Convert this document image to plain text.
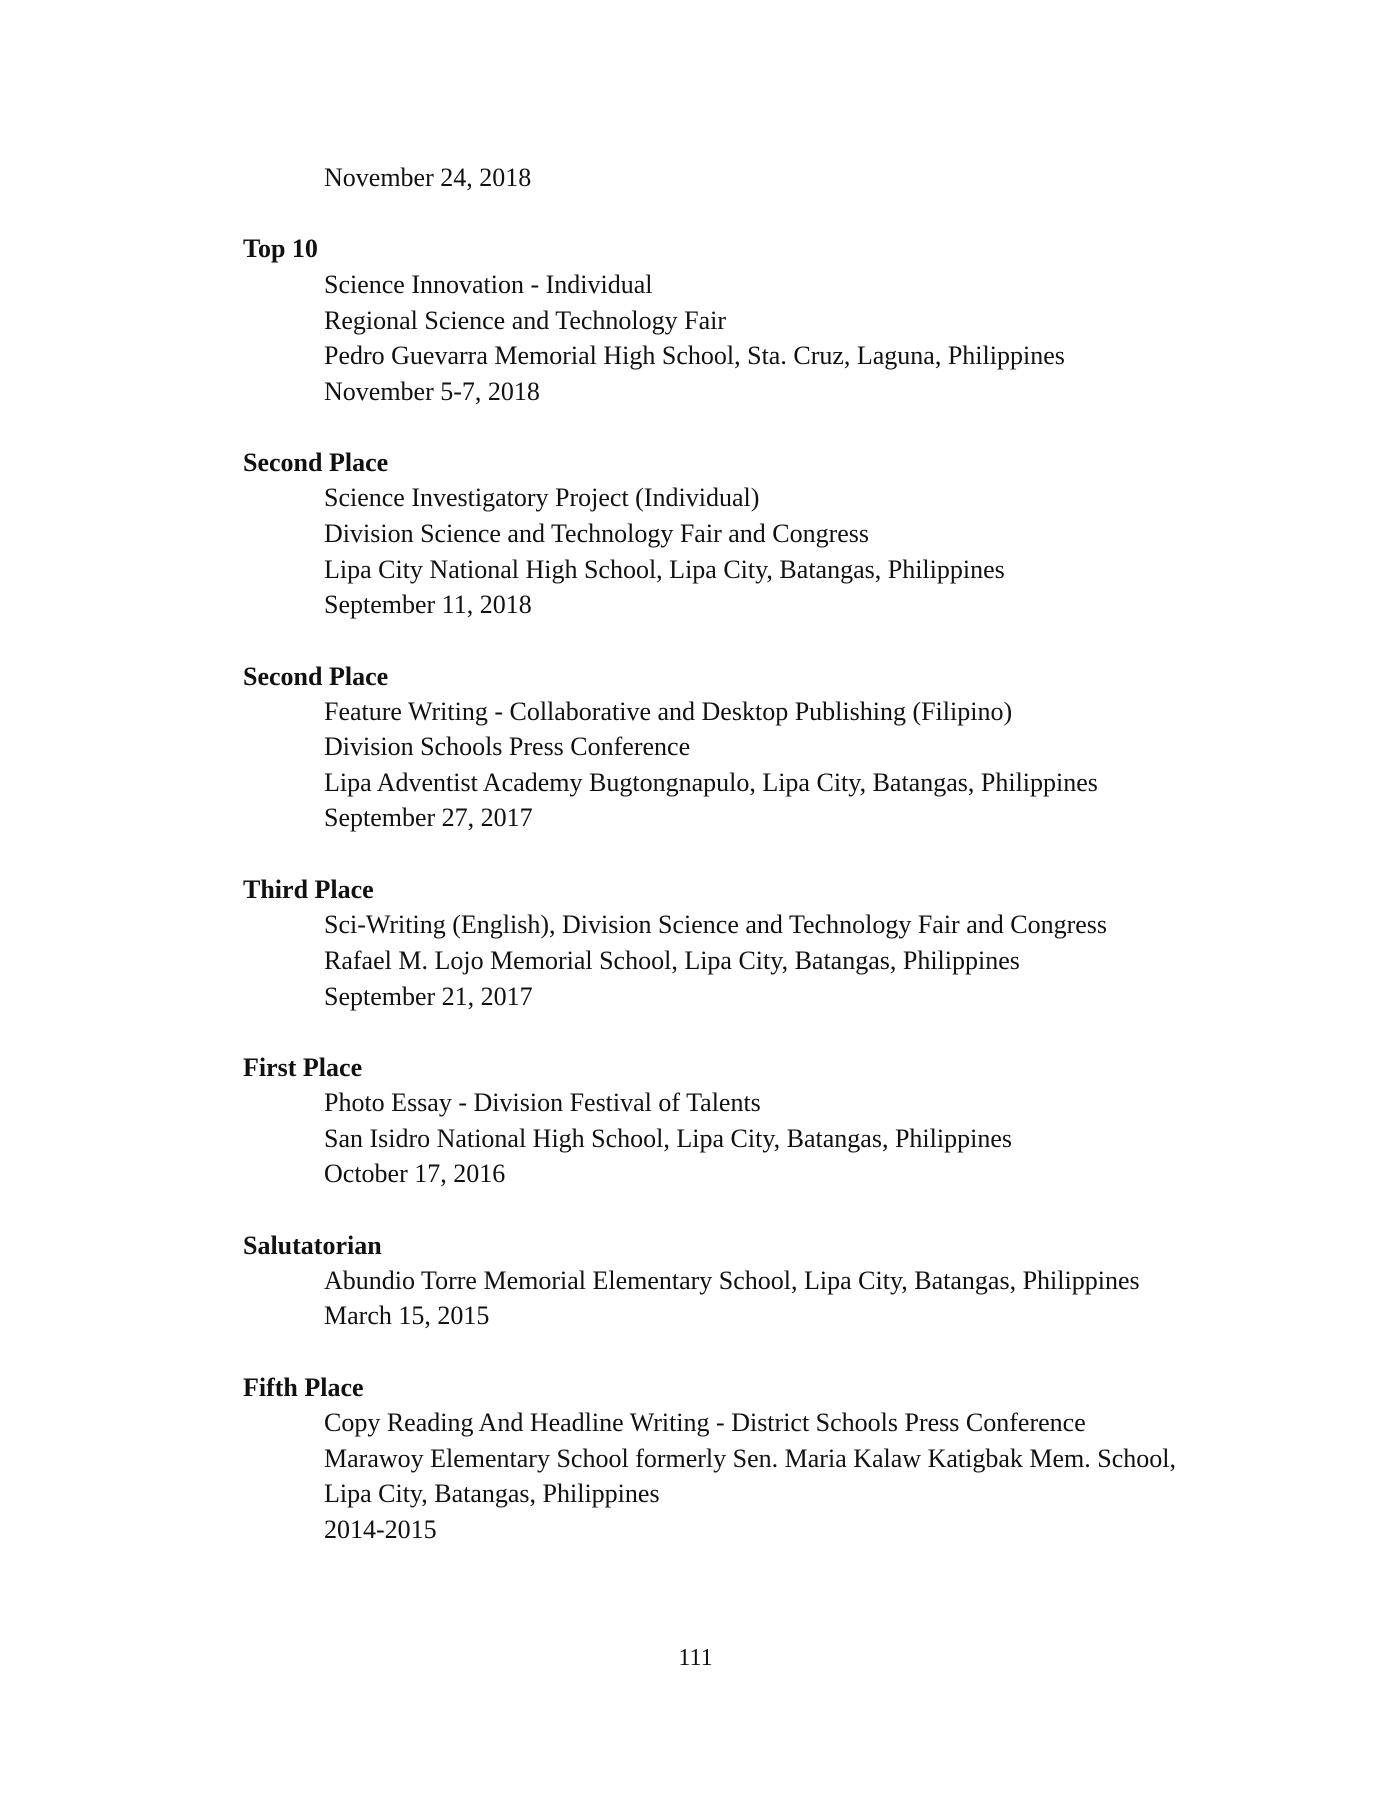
November 24, 2018
Top 10
Science Innovation - Individual
Regional Science and Technology Fair
Pedro Guevarra Memorial High School, Sta. Cruz, Laguna, Philippines
November 5-7, 2018
Second Place
Science Investigatory Project (Individual)
Division Science and Technology Fair and Congress
Lipa City National High School, Lipa City, Batangas, Philippines
September 11, 2018
Second Place
Feature Writing - Collaborative and Desktop Publishing (Filipino)
Division Schools Press Conference
Lipa Adventist Academy Bugtongnapulo, Lipa City, Batangas, Philippines
September 27, 2017
Third Place
Sci-Writing (English), Division Science and Technology Fair and Congress
Rafael M. Lojo Memorial School, Lipa City, Batangas, Philippines
September 21, 2017
First Place
Photo Essay - Division Festival of Talents
San Isidro National High School, Lipa City, Batangas, Philippines
October 17, 2016
Salutatorian
Abundio Torre Memorial Elementary School, Lipa City, Batangas, Philippines
March 15, 2015
Fifth Place
Copy Reading And Headline Writing - District Schools Press Conference
Marawoy Elementary School formerly Sen. Maria Kalaw Katigbak Mem. School,
Lipa City, Batangas, Philippines
2014-2015
111
